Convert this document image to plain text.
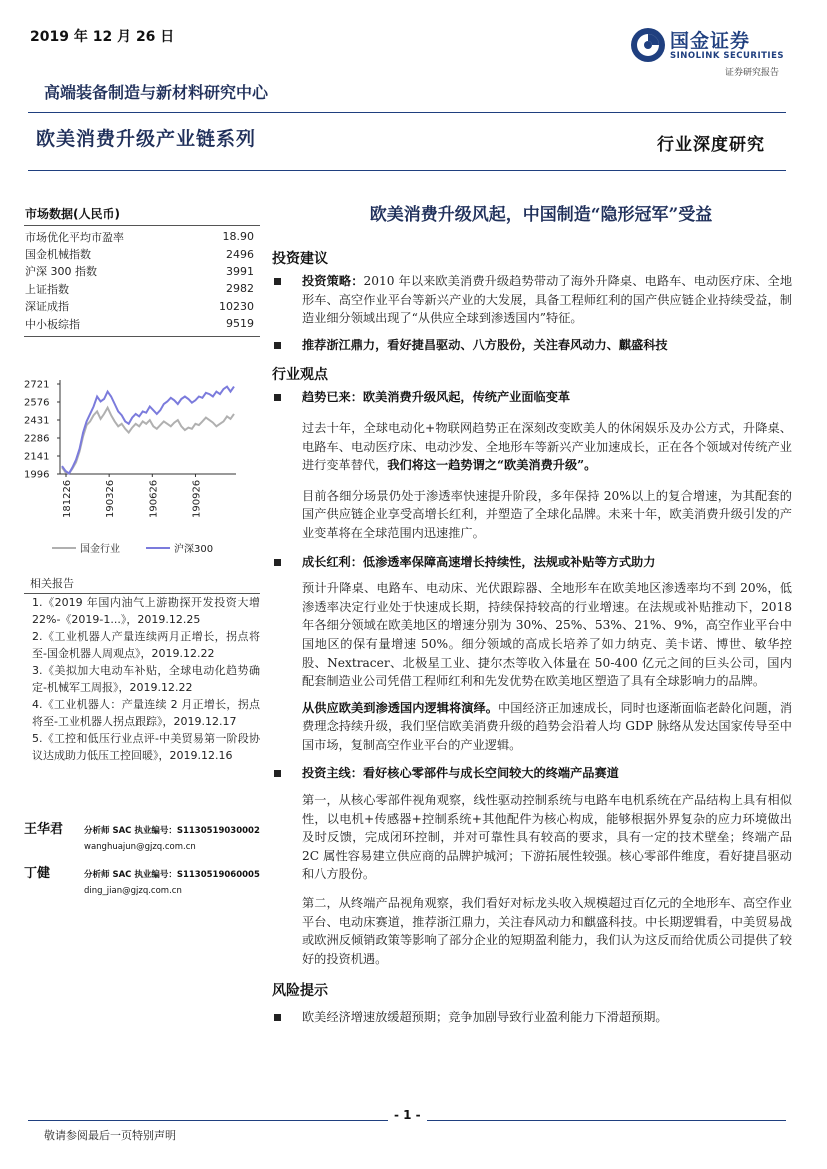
2019 年 12 月 26 日	国金证券
SINOLINK SECURITIES
证券研究报告
高端装备制造与新材料研究中心
欧美消费升级产业链系列	行业深度研究
市场数据(人民币)
市场优化平均市盈率	18.90
国金机械指数	2496
沪深 300 指数	3991
上证指数	2982
深证成指	10230
中小板综指	9519
2721
2576
2431
2286
2141
1996
181226	190326	190626	190926
国金行业	沪深300
相关报告
1.《2019 年国内油气上游勘探开发投资大增 22%-《2019-1...》，2019.12.25
2.《工业机器人产量连续两月正增长，拐点将至-国金机器人周观点》，2019.12.22
3.《美拟加大电动车补贴，全球电动化趋势确定-机械军工周报》，2019.12.22
4.《工业机器人：产量连续 2 月正增长，拐点将至-工业机器人拐点跟踪》，2019.12.17
5.《工控和低压行业点评-中美贸易第一阶段协议达成助力低压工控回暖》，2019.12.16
王华君	分析师 SAC 执业编号：S1130519030002
wanghuajun@gjzq.com.cn
丁健	分析师 SAC 执业编号：S1130519060005
ding_jian@gjzq.com.cn
欧美消费升级风起，中国制造“隐形冠军”受益
投资建议
投资策略：2010 年以来欧美消费升级趋势带动了海外升降桌、电路车、电动医疗床、全地形车、高空作业平台等新兴产业的大发展，具备工程师红利的国产供应链企业持续受益，制造业细分领域出现了“从供应全球到渗透国内”特征。
推荐浙江鼎力，看好捷昌驱动、八方股份，关注春风动力、麒盛科技
行业观点
趋势已来：欧美消费升级风起，传统产业面临变革
过去十年，全球电动化+物联网趋势正在深刻改变欧美人的休闲娱乐及办公方式，升降桌、电路车、电动医疗床、电动沙发、全地形车等新兴产业加速成长，正在各个领域对传统产业进行变革替代，我们将这一趋势谓之“欧美消费升级”。
目前各细分场景仍处于渗透率快速提升阶段，多年保持 20%以上的复合增速，为其配套的国产供应链企业享受高增长红利，并塑造了全球化品牌。未来十年，欧美消费升级引发的产业变革将在全球范围内迅速推广。
成长红利：低渗透率保障高速增长持续性，法规或补贴等方式助力
预计升降桌、电路车、电动床、光伏跟踪器、全地形车在欧美地区渗透率均不到 20%，低渗透率决定行业处于快速成长期，持续保持较高的行业增速。在法规或补贴推动下，2018 年各细分领域在欧美地区的增速分别为 30%、25%、53%、21%、9%，高空作业平台中国地区的保有量增速 50%。细分领域的高成长培养了如力纳克、美卡诺、博世、敏华控股、Nextracer、北极星工业、捷尔杰等收入体量在 50-400 亿元之间的巨头公司，国内配套制造业公司凭借工程师红利和先发优势在欧美地区塑造了具有全球影响力的品牌。
从供应欧美到渗透国内逻辑将演绎。中国经济正加速成长，同时也逐渐面临老龄化问题，消费理念持续升级，我们坚信欧美消费升级的趋势会沿着人均 GDP 脉络从发达国家传导至中国市场，复制高空作业平台的产业逻辑。
投资主线：看好核心零部件与成长空间较大的终端产品赛道
第一，从核心零部件视角观察，线性驱动控制系统与电路车电机系统在产品结构上具有相似性，以电机+传感器+控制系统+其他配件为核心构成，能够根据外界复杂的应力环境做出及时反馈，完成闭环控制，并对可靠性具有较高的要求，具有一定的技术壁垒；终端产品 2C 属性容易建立供应商的品牌护城河；下游拓展性较强。核心零部件维度，看好捷昌驱动和八方股份。
第二，从终端产品视角观察，我们看好对标龙头收入规模超过百亿元的全地形车、高空作业平台、电动床赛道，推荐浙江鼎力，关注春风动力和麒盛科技。中长期逻辑看，中美贸易战或欧洲反倾销政策等影响了部分企业的短期盈利能力，我们认为这反而给优质公司提供了较好的投资机遇。
风险提示
欧美经济增速放缓超预期；竞争加剧导致行业盈利能力下滑超预期。
- 1 -
敬请参阅最后一页特别声明
